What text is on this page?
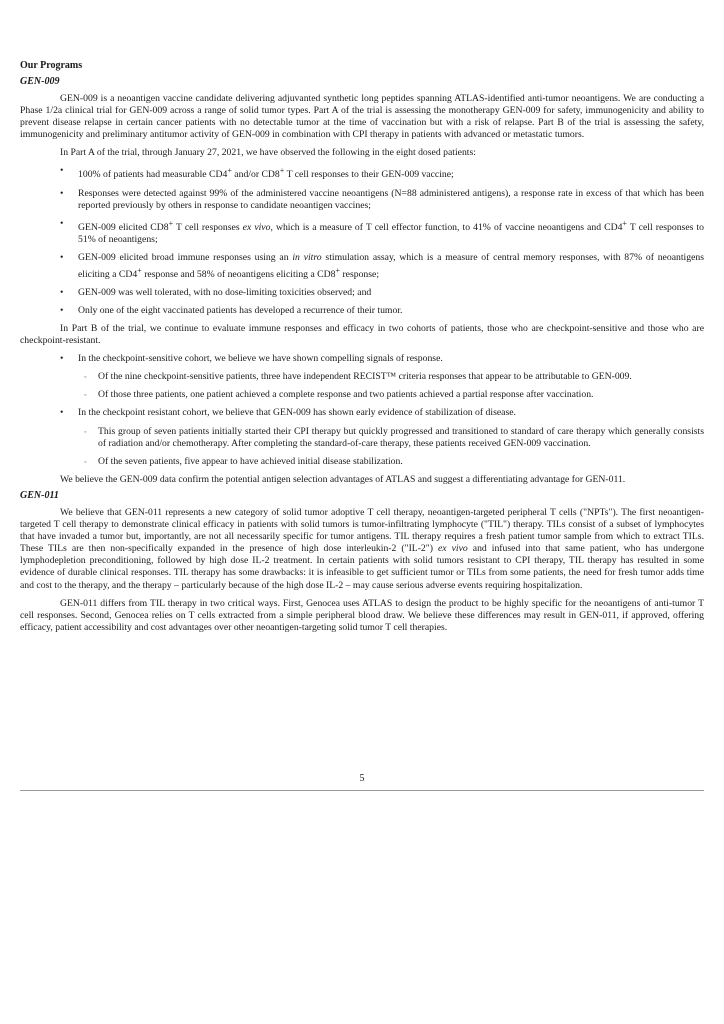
Our Programs
GEN-009

GEN-009 is a neoantigen vaccine candidate delivering adjuvanted synthetic long peptides spanning ATLAS-identified anti-tumor neoantigens. We are conducting a Phase 1/2a clinical trial for GEN-009 across a range of solid tumor types. Part A of the trial is assessing the monotherapy GEN-009 for safety, immunogenicity and ability to prevent disease relapse in certain cancer patients with no detectable tumor at the time of vaccination but with a risk of relapse. Part B of the trial is assessing the safety, immunogenicity and preliminary antitumor activity of GEN-009 in combination with CPI therapy in patients with advanced or metastatic tumors.

In Part A of the trial, through January 27, 2021, we have observed the following in the eight dosed patients:

• 100% of patients had measurable CD4+ and/or CD8+ T cell responses to their GEN-009 vaccine;
• Responses were detected against 99% of the administered vaccine neoantigens (N=88 administered antigens), a response rate in excess of that which has been reported previously by others in response to candidate neoantigen vaccines;
• GEN-009 elicited CD8+ T cell responses ex vivo, which is a measure of T cell effector function, to 41% of vaccine neoantigens and CD4+ T cell responses to 51% of neoantigens;
• GEN-009 elicited broad immune responses using an in vitro stimulation assay, which is a measure of central memory responses, with 87% of neoantigens eliciting a CD4+ response and 58% of neoantigens eliciting a CD8+ response;
• GEN-009 was well tolerated, with no dose-limiting toxicities observed; and
• Only one of the eight vaccinated patients has developed a recurrence of their tumor.

In Part B of the trial, we continue to evaluate immune responses and efficacy in two cohorts of patients, those who are checkpoint-sensitive and those who are checkpoint-resistant.

• In the checkpoint-sensitive cohort, we believe we have shown compelling signals of response.
◦ Of the nine checkpoint-sensitive patients, three have independent RECIST™ criteria responses that appear to be attributable to GEN-009.
◦ Of those three patients, one patient achieved a complete response and two patients achieved a partial response after vaccination.
• In the checkpoint resistant cohort, we believe that GEN-009 has shown early evidence of stabilization of disease.
◦ This group of seven patients initially started their CPI therapy but quickly progressed and transitioned to standard of care therapy which generally consists of radiation and/or chemotherapy. After completing the standard-of-care therapy, these patients received GEN-009 vaccination.
◦ Of the seven patients, five appear to have achieved initial disease stabilization.

We believe the GEN-009 data confirm the potential antigen selection advantages of ATLAS and suggest a differentiating advantage for GEN-011.

GEN-011

We believe that GEN-011 represents a new category of solid tumor adoptive T cell therapy, neoantigen-targeted peripheral T cells ("NPTs"). The first neoantigen-targeted T cell therapy to demonstrate clinical efficacy in patients with solid tumors is tumor-infiltrating lymphocyte ("TIL") therapy. TILs consist of a subset of lymphocytes that have invaded a tumor but, importantly, are not all necessarily specific for tumor antigens. TIL therapy requires a fresh patient tumor sample from which to extract TILs. These TILs are then non-specifically expanded in the presence of high dose interleukin-2 ("IL-2") ex vivo and infused into that same patient, who has undergone lymphodepletion preconditioning, followed by high dose IL-2 treatment. In certain patients with solid tumors resistant to CPI therapy, TIL therapy has resulted in some evidence of durable clinical responses. TIL therapy has some drawbacks: it is infeasible to get sufficient tumor or TILs from some patients, the need for fresh tumor adds time and cost to the therapy, and the therapy – particularly because of the high dose IL-2 – may cause serious adverse events requiring hospitalization.

GEN-011 differs from TIL therapy in two critical ways. First, Genocea uses ATLAS to design the product to be highly specific for the neoantigens of anti-tumor T cell responses. Second, Genocea relies on T cells extracted from a simple peripheral blood draw. We believe these differences may result in GEN-011, if approved, offering efficacy, patient accessibility and cost advantages over other neoantigen-targeting solid tumor T cell therapies.

5
